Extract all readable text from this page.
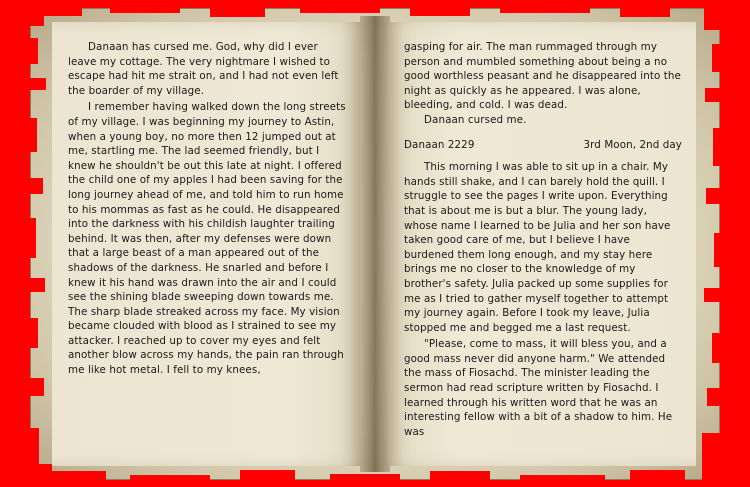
Danaan has cursed me. God, why did I ever leave my cottage. The very nightmare I wished to escape had hit me strait on, and I had not even left the boarder of my village.

I remember having walked down the long streets of my village. I was beginning my journey to Astin, when a young boy, no more then 12 jumped out at me, startling me. The lad seemed friendly, but I knew he shouldn't be out this late at night. I offered the child one of my apples I had been saving for the long journey ahead of me, and told him to run home to his mommas as fast as he could. He disappeared into the darkness with his childish laughter trailing behind. It was then, after my defenses were down that a large beast of a man appeared out of the shadows of the darkness. He snarled and before I knew it his hand was drawn into the air and I could see the shining blade sweeping down towards me. The sharp blade streaked across my face. My vision became clouded with blood as I strained to see my attacker. I reached up to cover my eyes and felt another blow across my hands, the pain ran through me like hot metal. I fell to my knees,

gasping for air. The man rummaged through my person and mumbled something about being a no good worthless peasant and he disappeared into the night as quickly as he appeared. I was alone, bleeding, and cold. I was dead.

Danaan cursed me.

Danaan 2229	3rd Moon, 2nd day

This morning I was able to sit up in a chair. My hands still shake, and I can barely hold the quill. I struggle to see the pages I write upon. Everything that is about me is but a blur. The young lady, whose name I learned to be Julia and her son have taken good care of me, but I believe I have burdened them long enough, and my stay here brings me no closer to the knowledge of my brother's safety. Julia packed up some supplies for me as I tried to gather myself together to attempt my journey again. Before I took my leave, Julia stopped me and begged me a last request.

"Please, come to mass, it will bless you, and a good mass never did anyone harm." We attended the mass of Fiosachd. The minister leading the sermon had read scripture written by Fiosachd. I learned through his written word that he was an interesting fellow with a bit of a shadow to him. He was
